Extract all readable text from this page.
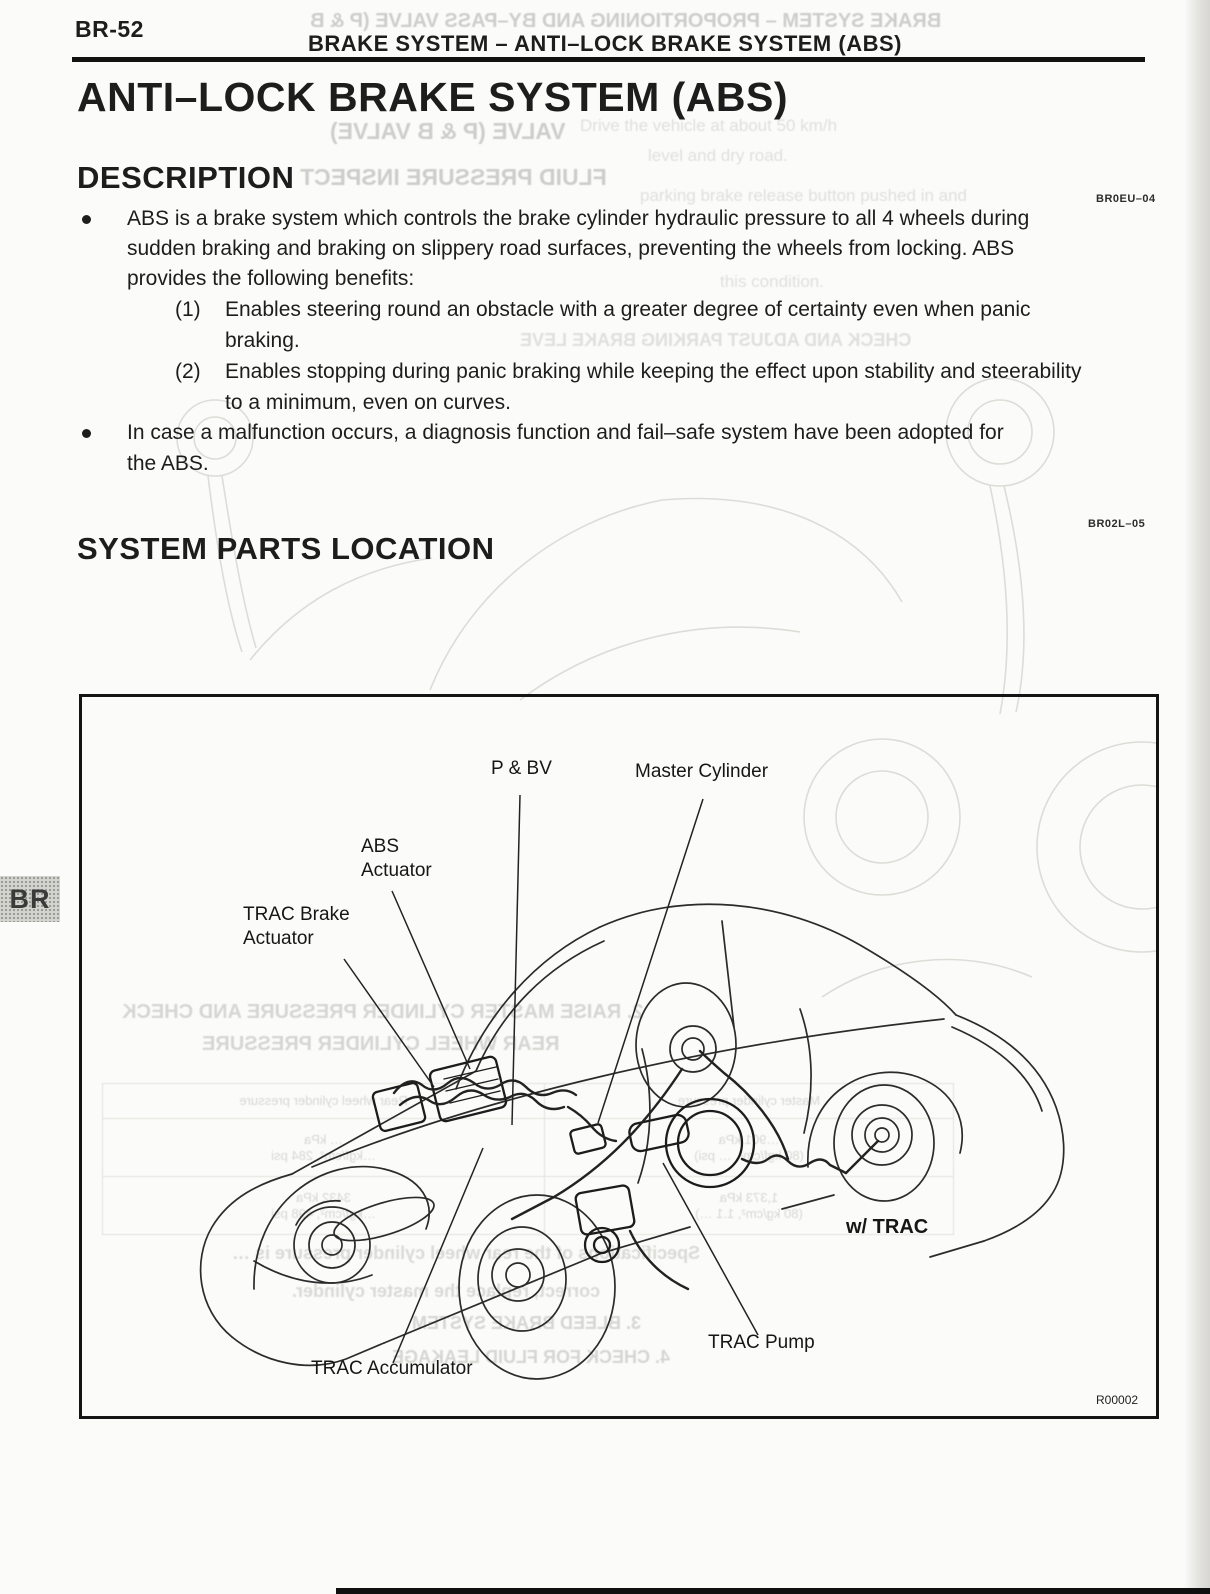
BRAKE SYSTEM – PROPORTIONING AND BY–PASS VALVE (P & B
VALVE (P & B VALVE)
FLUID PRESSURE INSPECT
Drive the vehicle at about 50 km/h
level and dry road.
parking brake release button pushed in and
this condition.
CHECK AND ADJUST PARKING BRAKE LEVE
BR-52
BRAKE SYSTEM – ANTI–LOCK BRAKE SYSTEM (ABS)
ANTI–LOCK BRAKE SYSTEM (ABS)
DESCRIPTION
BR0EU–04
ABS is a brake system which controls the brake cylinder hydraulic pressure to all 4 wheels during
sudden braking and braking on slippery road surfaces, preventing the wheels from locking. ABS
provides the following benefits:
(1) Enables steering round an obstacle with a greater degree of certainty even when panic
braking.
(2) Enables stopping during panic braking while keeping the effect upon stability and steerability
to a minimum, even on curves.
In case a malfunction occurs, a diagnosis function and fail–safe system have been adopted for
the ABS.
SYSTEM PARTS LOCATION
BR02L–05
2. RAISE MASTER CYLINDER PRESSURE AND CHECK
REAR WHEEL CYLINDER PRESSURE
Master cylinder pressure
Rear wheel cylinder pressure
…901 kPa
(80 kgf/cm², … psi)
… kPa
…kgf/cm², 284 psi
1,373 kPa
(80 kg/cm², 1.1 …)
3432 kPa
…kgf/cm², 498 psi
Specifications of the rear wheel cylinder pressure is …
correct, replace the master cylinder.
3. BLEED BRAKE SYSTEM
4. CHECK FOR FLUID LEAKAGE
P & BV	Master Cylinder
ABS
Actuator
TRAC Brake
Actuator
w/ TRAC
TRAC Pump
TRAC Accumulator
R00002
BR
